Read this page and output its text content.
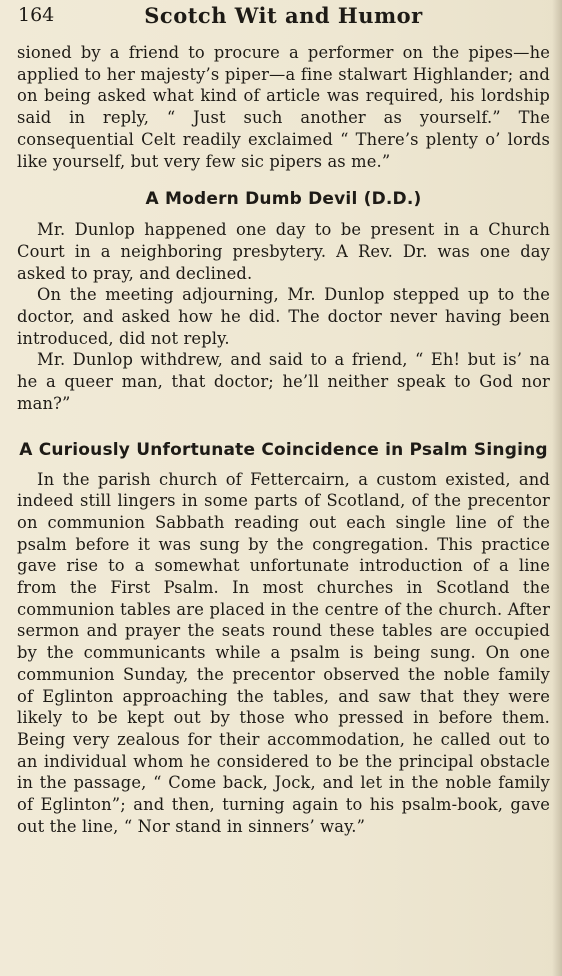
164	Scotch Wit and Humor

sioned by a friend to procure a performer on the pipes—he applied to her majesty’s piper—a fine stalwart Highlander; and on being asked what kind of article was required, his lordship said in reply, “ Just such another as yourself.” The consequential Celt readily exclaimed “ There’s plenty o’ lords like yourself, but very few sic pipers as me.”

A Modern Dumb Devil (D.D.)

Mr. Dunlop happened one day to be present in a Church Court in a neighboring presbytery. A Rev. Dr. was one day asked to pray, and declined.

On the meeting adjourning, Mr. Dunlop stepped up to the doctor, and asked how he did. The doctor never having been introduced, did not reply.

Mr. Dunlop withdrew, and said to a friend, “ Eh! but is’ na he a queer man, that doctor; he’ll neither speak to God nor man?”

A Curiously Unfortunate Coincidence in Psalm Singing

In the parish church of Fettercairn, a custom existed, and indeed still lingers in some parts of Scotland, of the precentor on communion Sabbath reading out each single line of the psalm before it was sung by the congregation. This practice gave rise to a somewhat unfortunate introduction of a line from the First Psalm. In most churches in Scotland the communion tables are placed in the centre of the church. After sermon and prayer the seats round these tables are occupied by the communicants while a psalm is being sung. On one communion Sunday, the precentor observed the noble family of Eglinton approaching the tables, and saw that they were likely to be kept out by those who pressed in before them. Being very zealous for their accommodation, he called out to an individual whom he considered to be the principal obstacle in the passage, “ Come back, Jock, and let in the noble family of Eglinton”; and then, turning again to his psalm-book, gave out the line, “ Nor stand in sinners’ way.”
